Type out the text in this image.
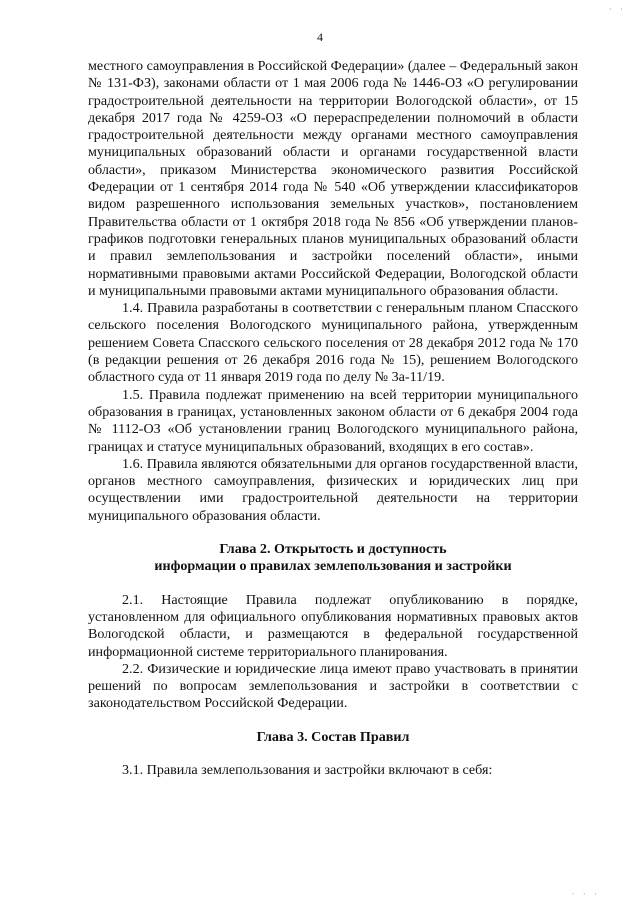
· ·
4

местного самоуправления в Российской Федерации» (далее – Федеральный закон № 131-ФЗ), законами области от 1 мая 2006 года № 1446-ОЗ «О регулировании градостроительной деятельности на территории Вологодской области», от 15 декабря 2017 года № 4259-ОЗ «О перераспределении полномочий в области градостроительной деятельности между органами местного самоуправления муниципальных образований области и органами государственной власти области», приказом Министерства экономического развития Российской Федерации от 1 сентября 2014 года № 540 «Об утверждении классификаторов видом разрешенного использования земельных участков», постановлением Правительства области от 1 октября 2018 года № 856 «Об утверждении планов-графиков подготовки генеральных планов муниципальных образований области и правил землепользования и застройки поселений области», иными нормативными правовыми актами Российской Федерации, Вологодской области и муниципальными правовыми актами муниципального образования области.

1.4. Правила разработаны в соответствии с генеральным планом Спасского сельского поселения Вологодского муниципального района, утвержденным решением Совета Спасского сельского поселения от 28 декабря 2012 года № 170 (в редакции решения от 26 декабря 2016 года № 15), решением Вологодского областного суда от 11 января 2019 года по делу № 3а-11/19.

1.5. Правила подлежат применению на всей территории муниципального образования в границах, установленных законом области от 6 декабря 2004 года № 1112-ОЗ «Об установлении границ Вологодского муниципального района, границах и статусе муниципальных образований, входящих в его состав».

1.6. Правила являются обязательными для органов государственной власти, органов местного самоуправления, физических и юридических лиц при осуществлении ими градостроительной деятельности на территории муниципального образования области.

Глава 2. Открытость и доступность

информации о правилах землепользования и застройки

2.1. Настоящие Правила подлежат опубликованию в порядке, установленном для официального опубликования нормативных правовых актов Вологодской области, и размещаются в федеральной государственной информационной системе территориального планирования.

2.2. Физические и юридические лица имеют право участвовать в принятии решений по вопросам землепользования и застройки в соответствии с законодательством Российской Федерации.

Глава 3. Состав Правил

3.1. Правила землепользования и застройки включают в себя:

· · ·
